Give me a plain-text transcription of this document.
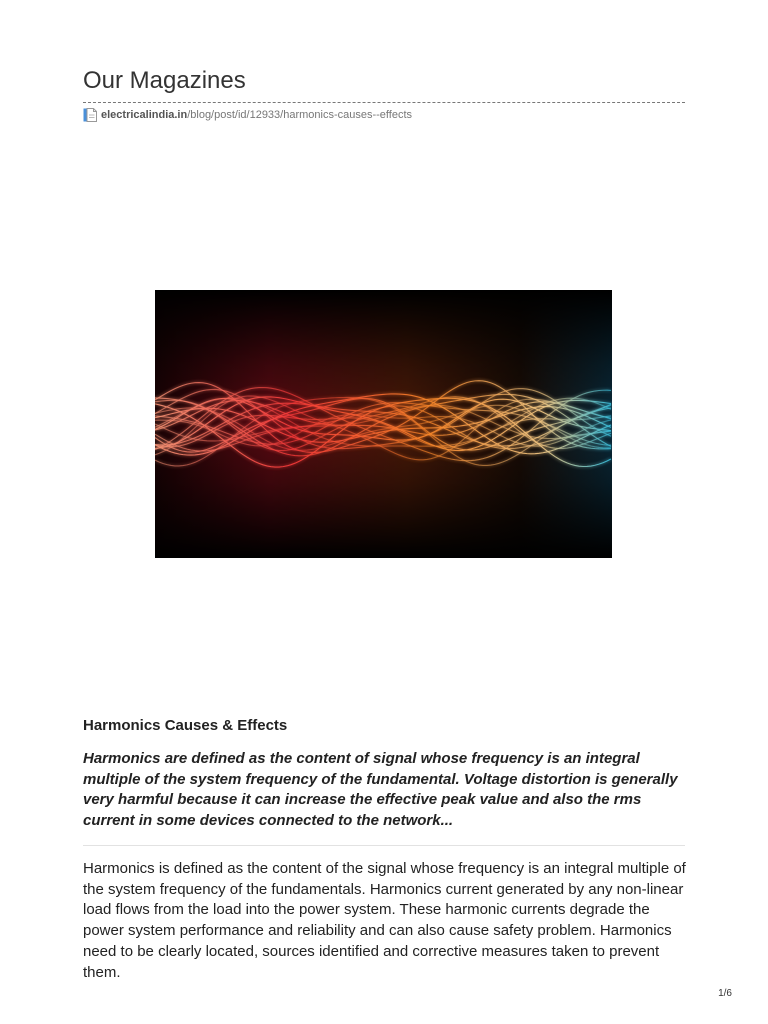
Our Magazines
electricalindia.in /blog/post/id/12933/harmonics-causes--effects
Harmonics Causes & Effects

Harmonics are defined as the content of signal whose frequency is an integral multiple of the system frequency of the fundamental. Voltage distortion is generally very harmful because it can increase the effective peak value and also the rms current in some devices connected to the network...

Harmonics is defined as the content of the signal whose frequency is an integral multiple of the system frequency of the fundamentals. Harmonics current generated by any non-linear load flows from the load into the power system. These harmonic currents degrade the power system performance and reliability and can also cause safety problem. Harmonics need to be clearly located, sources identified and corrective measures taken to prevent them.

1/6
